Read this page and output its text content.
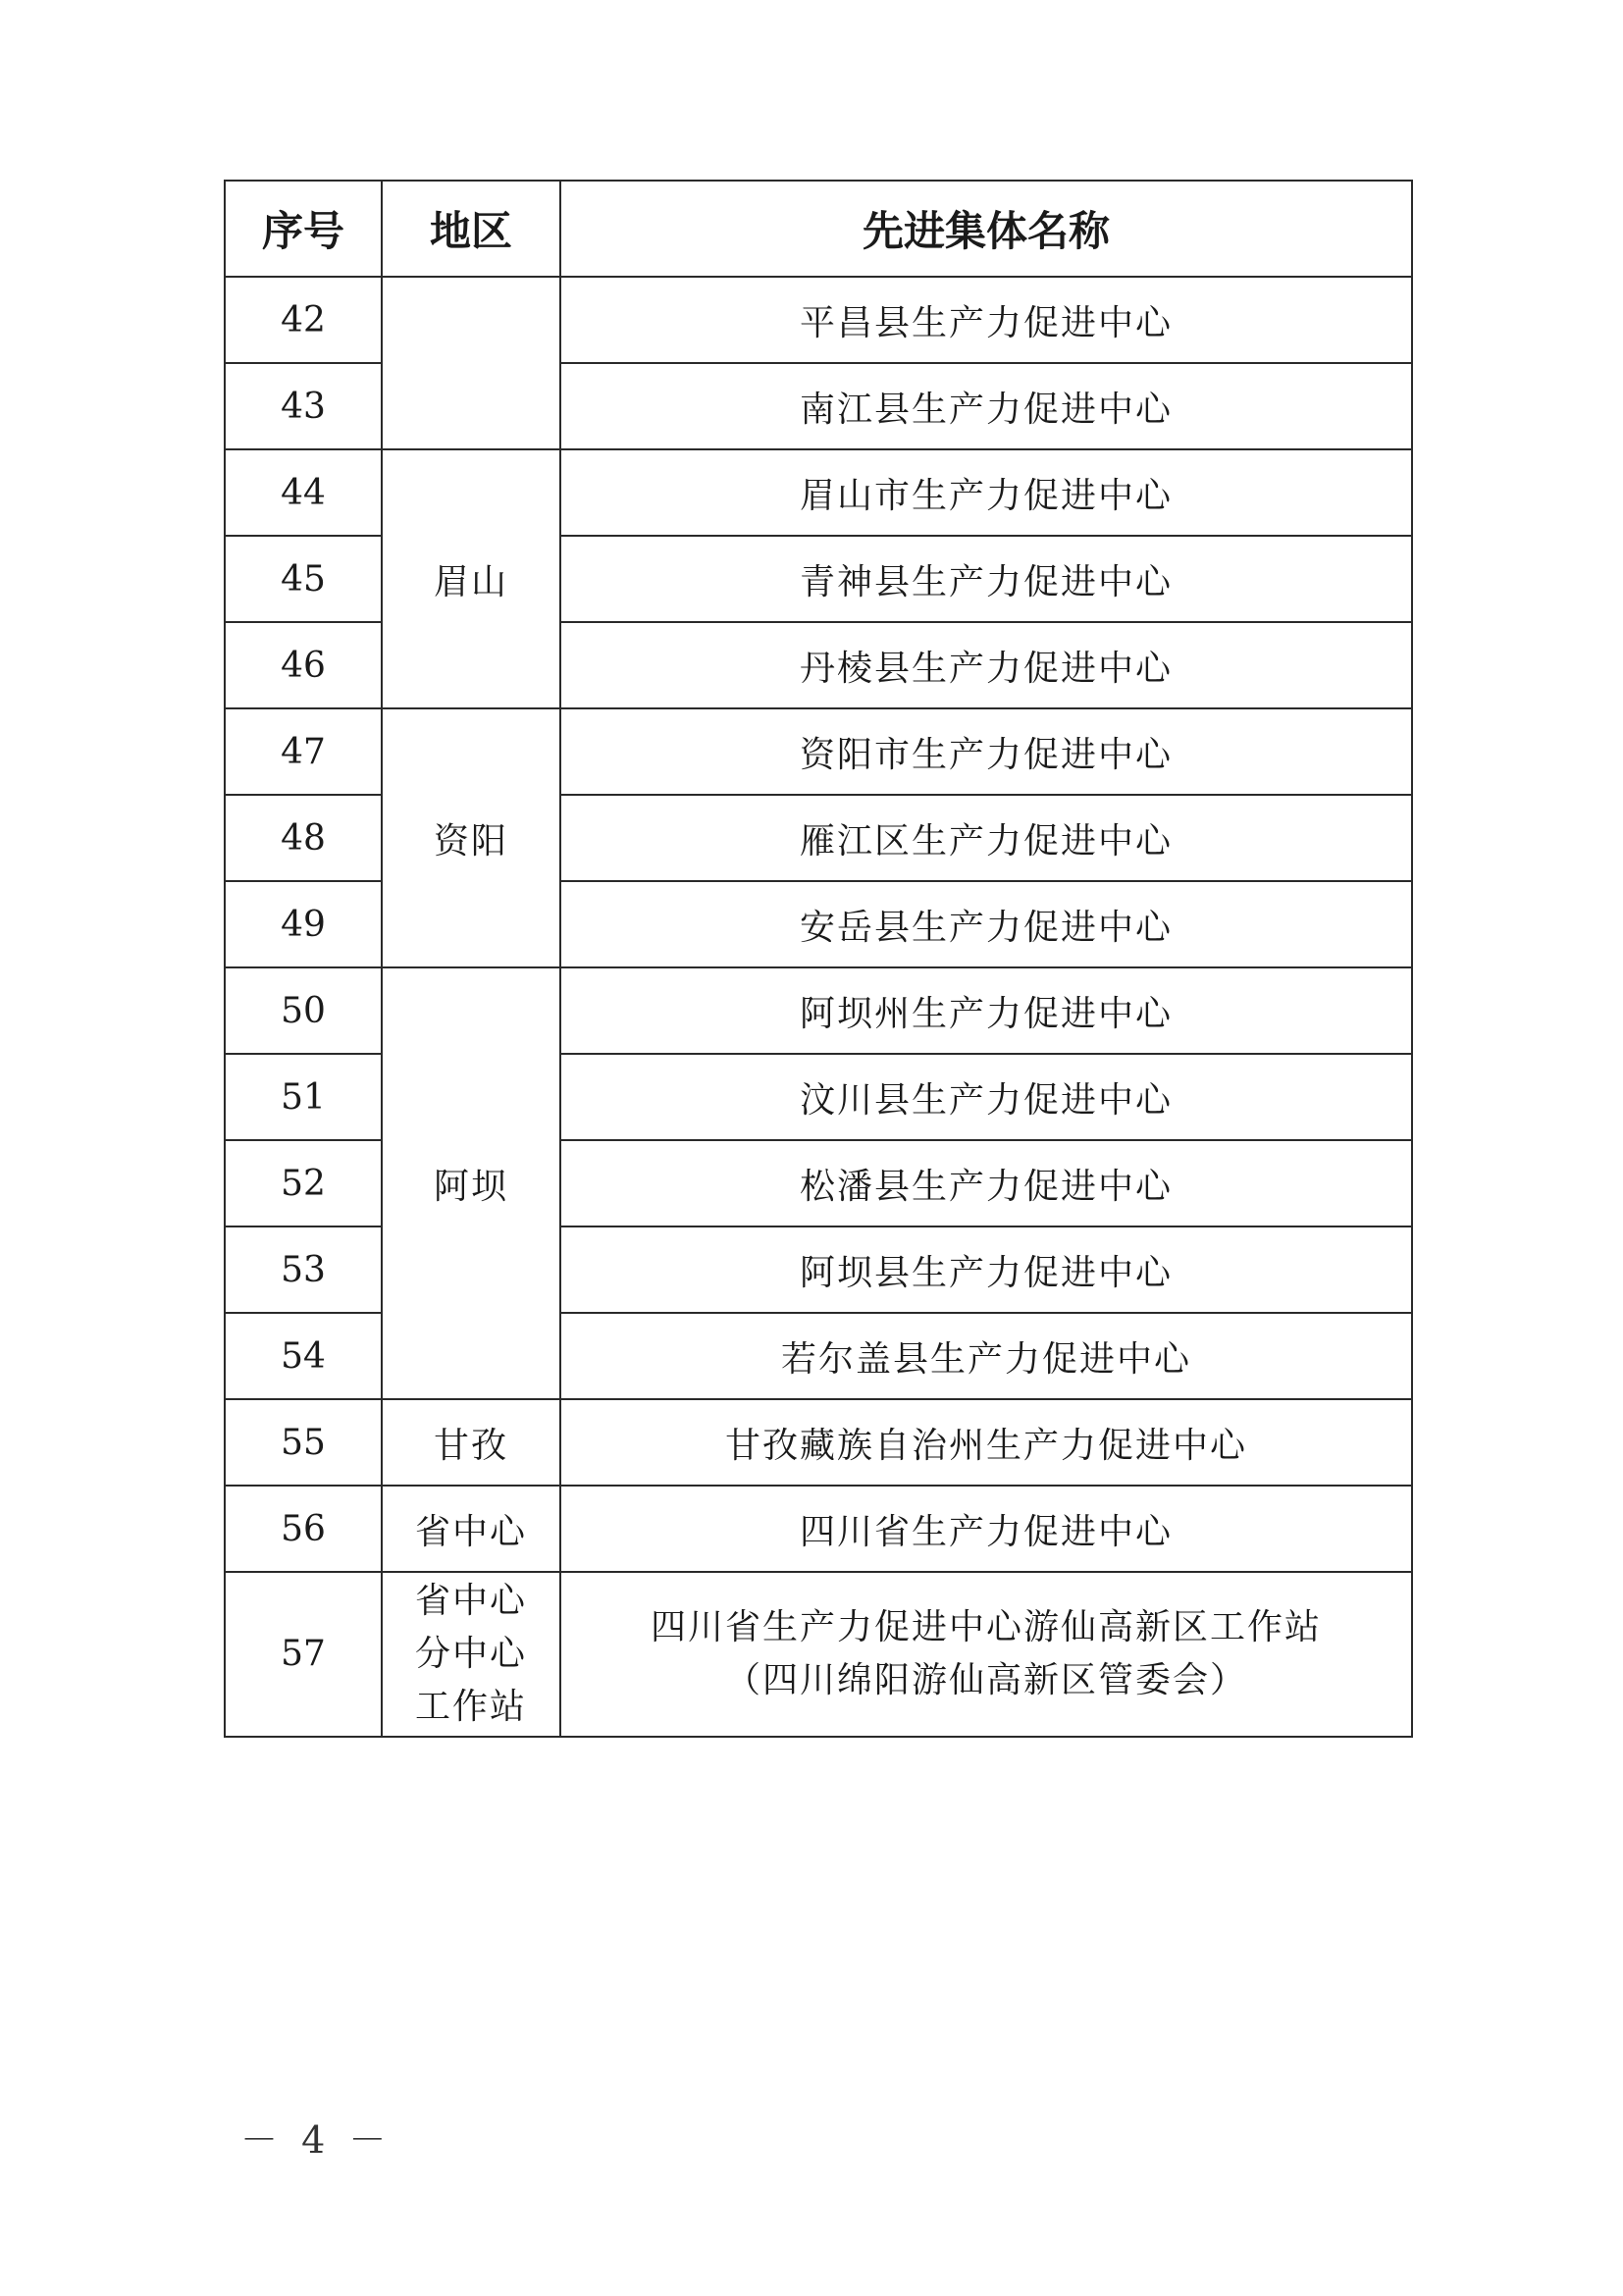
序号	地区	先进集体名称
42		平昌县生产力促进中心

43		南江县生产力促进中心

44	眉山	眉山市生产力促进中心

45		青神县生产力促进中心

46		丹棱县生产力促进中心

47	资阳	资阳市生产力促进中心

48		雁江区生产力促进中心

49		安岳县生产力促进中心

50	阿坝	阿坝州生产力促进中心

51		汶川县生产力促进中心

52		松潘县生产力促进中心

53		阿坝县生产力促进中心

54		若尔盖县生产力促进中心

55	甘孜	甘孜藏族自治州生产力促进中心

56	省中心	四川省生产力促进中心

57	省中心
分中心
工作站	四川省生产力促进中心游仙高新区工作站
（四川绵阳游仙高新区管委会）
－ 4 －
